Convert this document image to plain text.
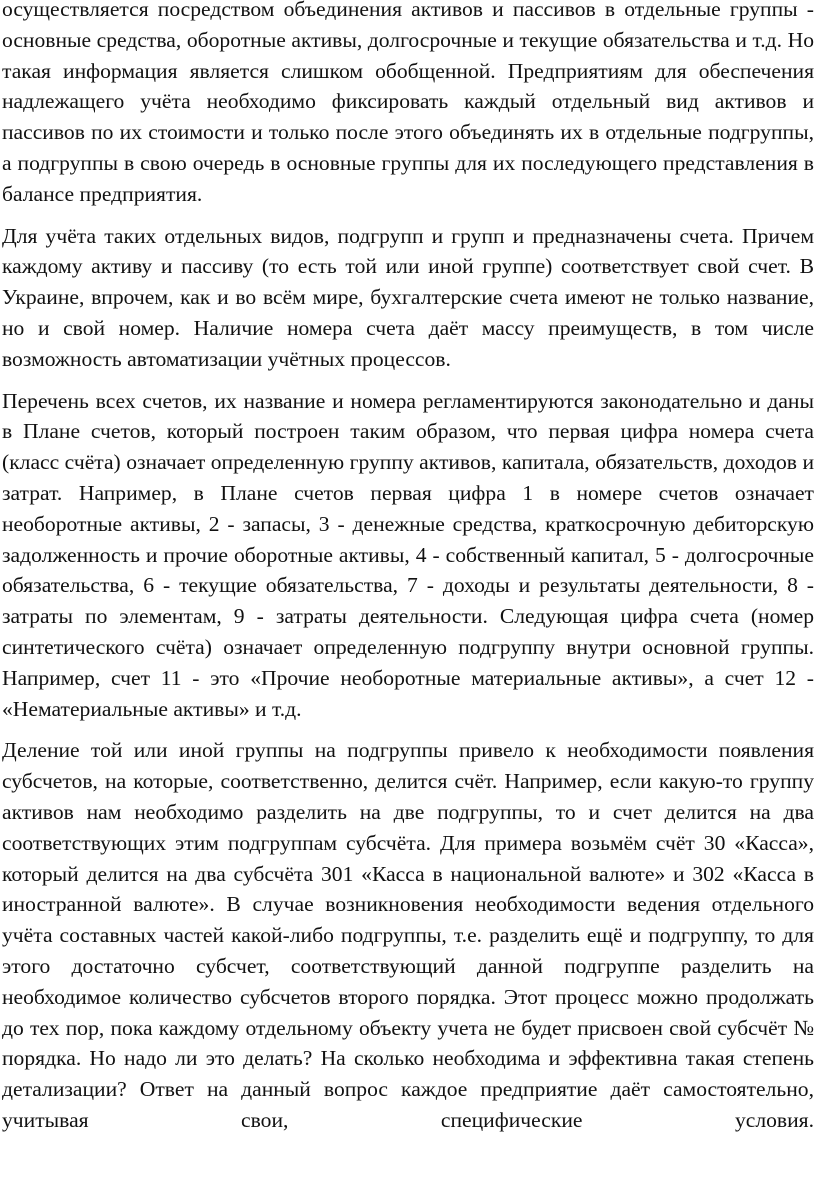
осуществляется посредством объединения активов и пассивов в отдельные группы - основные средства, оборотные активы, долгосрочные и текущие обязательства и т.д. Но такая информация является слишком обобщенной. Предприятиям для обеспечения надлежащего учёта необходимо фиксировать каждый отдельный вид активов и пассивов по их стоимости и только после этого объединять их в отдельные подгруппы, а подгруппы в свою очередь в основные группы для их последующего представления в балансе предприятия.

Для учёта таких отдельных видов, подгрупп и групп и предназначены счета. Причем каждому активу и пассиву (то есть той или иной группе) соответствует свой счет. В Украине, впрочем, как и во всём мире, бухгалтерские счета имеют не только название, но и свой номер. Наличие номера счета даёт массу преимуществ, в том числе возможность автоматизации учётных процессов.

Перечень всех счетов, их название и номера регламентируются законодательно и даны в Плане счетов, который построен таким образом, что первая цифра номера счета (класс счёта) означает определенную группу активов, капитала, обязательств, доходов и затрат. Например, в Плане счетов первая цифра 1 в номере счетов означает необоротные активы, 2 - запасы, 3 - денежные средства, краткосрочную дебиторскую задолженность и прочие оборотные активы, 4 - собственный капитал, 5 - долгосрочные обязательства, 6 - текущие обязательства, 7 - доходы и результаты деятельности, 8 - затраты по элементам, 9 - затраты деятельности. Следующая цифра счета (номер синтетического счёта) означает определенную подгруппу внутри основной группы. Например, счет 11 - это «Прочие необоротные материальные активы», а счет 12 - «Нематериальные активы» и т.д.

Деление той или иной группы на подгруппы привело к необходимости появления субсчетов, на которые, соответственно, делится счёт. Например, если какую-то группу активов нам необходимо разделить на две подгруппы, то и счет делится на два соответствующих этим подгруппам субсчёта. Для примера возьмём счёт 30 «Касса», который делится на два субсчёта 301 «Касса в национальной валюте» и 302 «Касса в иностранной валюте». В случае возникновения необходимости ведения отдельного учёта составных частей какой-либо подгруппы, т.е. разделить ещё и подгруппу, то для этого достаточно субсчет, соответствующий данной подгруппе разделить на необходимое количество субсчетов второго порядка. Этот процесс можно продолжать до тех пор, пока каждому отдельному объекту учета не будет присвоен свой субсчёт № порядка. Но надо ли это делать? На сколько необходима и эффективна такая степень детализации? Ответ на данный вопрос каждое предприятие даёт самостоятельно, учитывая свои, специфические условия.
